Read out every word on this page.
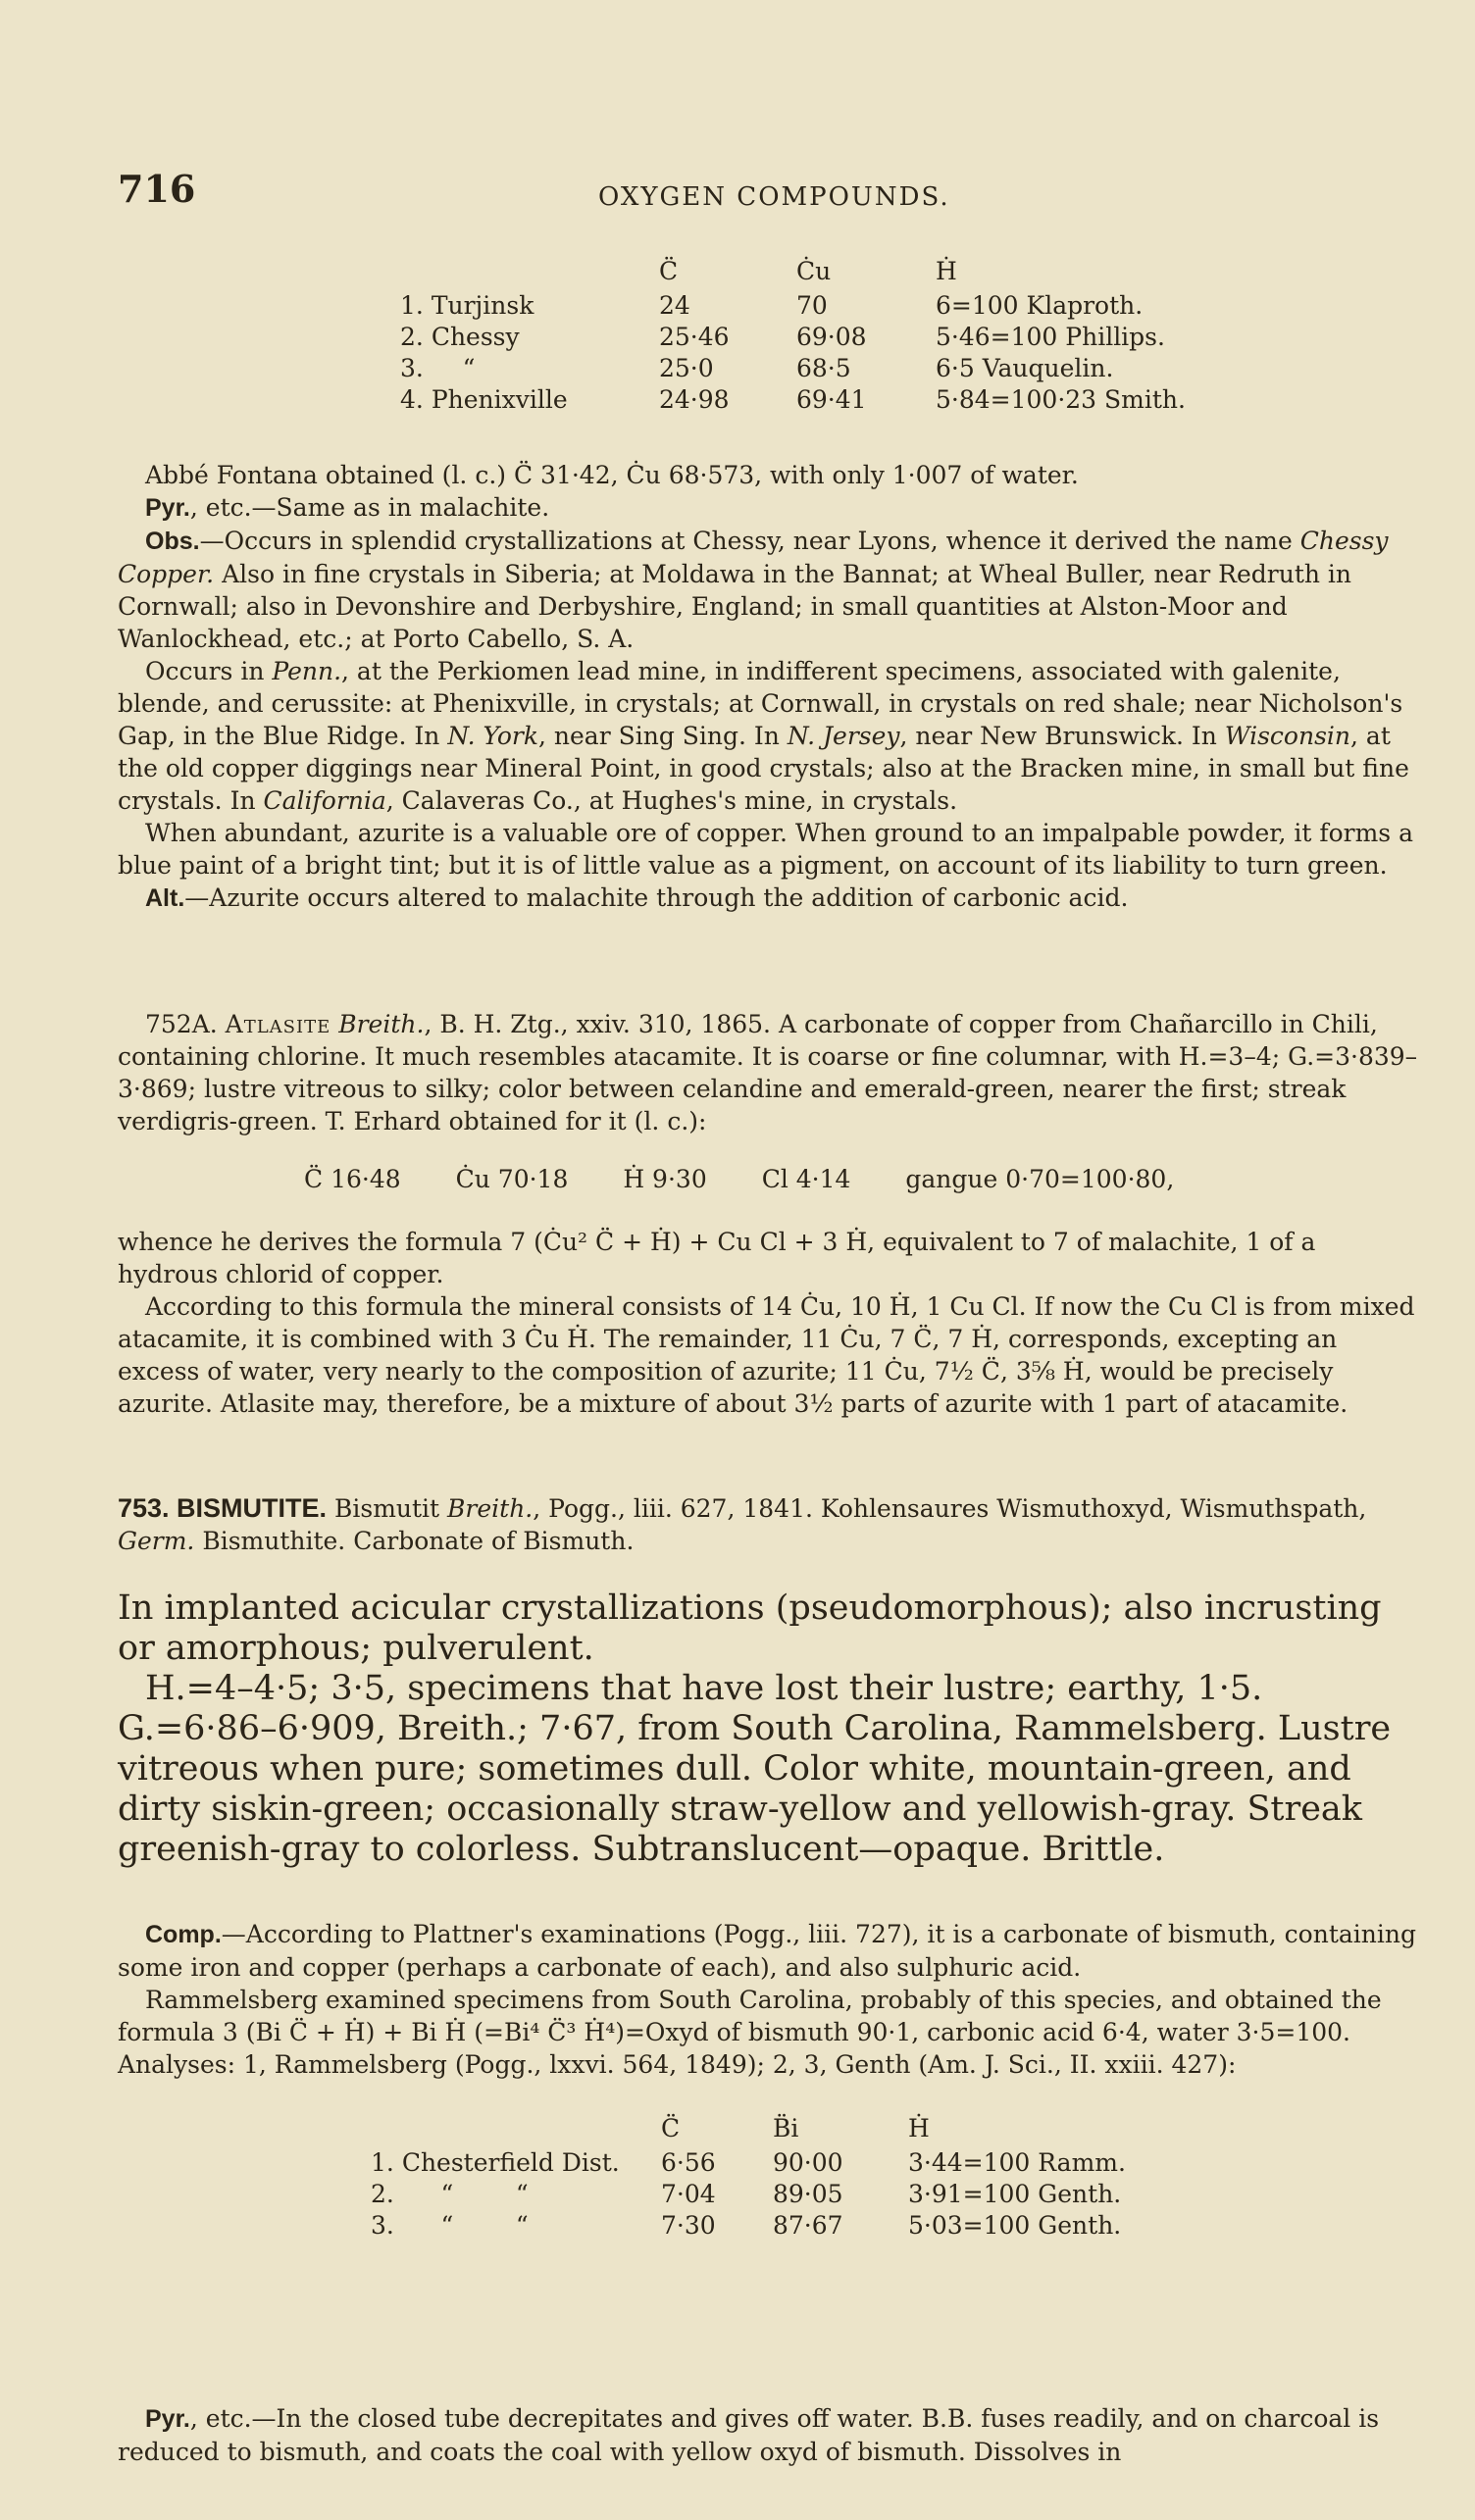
716	OXYGEN COMPOUNDS.
	C̈	Ċu	Ḣ
1. Turjinsk	24	70	6=100 Klaproth.
2. Chessy	25·46	69·08	5·46=100 Phillips.
3. “	25·0	68·5	6·5 Vauquelin.
4. Phenixville	24·98	69·41	5·84=100·23 Smith.

Abbé Fontana obtained (l. c.) C̈ 31·42, Ċu 68·573, with only 1·007 of water.

Pyr., etc.—Same as in malachite.

Obs.—Occurs in splendid crystallizations at Chessy, near Lyons, whence it derived the name Chessy Copper. Also in fine crystals in Siberia; at Moldawa in the Bannat; at Wheal Buller, near Redruth in Cornwall; also in Devonshire and Derbyshire, England; in small quantities at Alston-Moor and Wanlockhead, etc.; at Porto Cabello, S. A.

Occurs in Penn., at the Perkiomen lead mine, in indifferent specimens, associated with galenite, blende, and cerussite: at Phenixville, in crystals; at Cornwall, in crystals on red shale; near Nicholson's Gap, in the Blue Ridge. In N. York, near Sing Sing. In N. Jersey, near New Brunswick. In Wisconsin, at the old copper diggings near Mineral Point, in good crystals; also at the Bracken mine, in small but fine crystals. In California, Calaveras Co., at Hughes's mine, in crystals.

When abundant, azurite is a valuable ore of copper. When ground to an impalpable powder, it forms a blue paint of a bright tint; but it is of little value as a pigment, on account of its liability to turn green.

Alt.—Azurite occurs altered to malachite through the addition of carbonic acid.

752A. Atlasite Breith., B. H. Ztg., xxiv. 310, 1865. A carbonate of copper from Chañarcillo in Chili, containing chlorine. It much resembles atacamite. It is coarse or fine columnar, with H.=3–4; G.=3·839–3·869; lustre vitreous to silky; color between celandine and emerald-green, nearer the first; streak verdigris-green. T. Erhard obtained for it (l. c.):

C̈ 16·48 Ċu 70·18 Ḣ 9·30 Cl 4·14 gangue 0·70=100·80,

whence he derives the formula 7 (Ċu² C̈ + Ḣ) + Cu Cl + 3 Ḣ, equivalent to 7 of malachite, 1 of a hydrous chlorid of copper.

According to this formula the mineral consists of 14 Ċu, 10 Ḣ, 1 Cu Cl. If now the Cu Cl is from mixed atacamite, it is combined with 3 Ċu Ḣ. The remainder, 11 Ċu, 7 C̈, 7 Ḣ, corresponds, excepting an excess of water, very nearly to the composition of azurite; 11 Ċu, 7½ C̈, 3⅝ Ḣ, would be precisely azurite. Atlasite may, therefore, be a mixture of about 3½ parts of azurite with 1 part of atacamite.

753. BISMUTITE. Bismutit Breith., Pogg., liii. 627, 1841. Kohlensaures Wismuthoxyd, Wismuthspath, Germ. Bismuthite. Carbonate of Bismuth.

In implanted acicular crystallizations (pseudomorphous); also incrusting or amorphous; pulverulent.

H.=4–4·5; 3·5, specimens that have lost their lustre; earthy, 1·5. G.=6·86–6·909, Breith.; 7·67, from South Carolina, Rammelsberg. Lustre vitreous when pure; sometimes dull. Color white, mountain-green, and dirty siskin-green; occasionally straw-yellow and yellowish-gray. Streak greenish-gray to colorless. Subtranslucent—opaque. Brittle.

Comp.—According to Plattner's examinations (Pogg., liii. 727), it is a carbonate of bismuth, containing some iron and copper (perhaps a carbonate of each), and also sulphuric acid.

Rammelsberg examined specimens from South Carolina, probably of this species, and obtained the formula 3 (Bi C̈ + Ḣ) + Bi Ḣ (=Bi⁴ C̈³ Ḣ⁴)=Oxyd of bismuth 90·1, carbonic acid 6·4, water 3·5=100. Analyses: 1, Rammelsberg (Pogg., lxxvi. 564, 1849); 2, 3, Genth (Am. J. Sci., II. xxiii. 427):

	C̈	B̈i	Ḣ
1. Chesterfield Dist.	6·56	90·00	3·44=100 Ramm.
2. “        “	7·04	89·05	3·91=100 Genth.
3. “        “	7·30	87·67	5·03=100 Genth.

Pyr., etc.—In the closed tube decrepitates and gives off water. B.B. fuses readily, and on charcoal is reduced to bismuth, and coats the coal with yellow oxyd of bismuth. Dissolves in
